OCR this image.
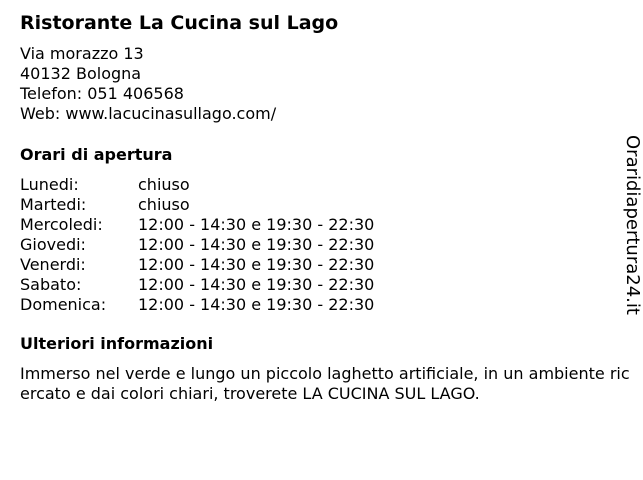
Ristorante La Cucina sul Lago
Via morazzo 13
40132 Bologna
Telefon: 051 406568
Web: www.lacucinasullago.com/
Orari di apertura
Lunedi:	chiuso
Martedi:	chiuso
Mercoledi: 12:00 - 14:30 e 19:30 - 22:30
Giovedi:	12:00 - 14:30 e 19:30 - 22:30
Venerdi:	12:00 - 14:30 e 19:30 - 22:30
Sabato:	12:00 - 14:30 e 19:30 - 22:30
Domenica: 12:00 - 14:30 e 19:30 - 22:30
Ulteriori informazioni
Immerso nel verde e lungo un piccolo laghetto artificiale, in un ambiente ricercato e dai colori chiari, troverete LA CUCINA SUL LAGO.
Oraridiapertura24.it
